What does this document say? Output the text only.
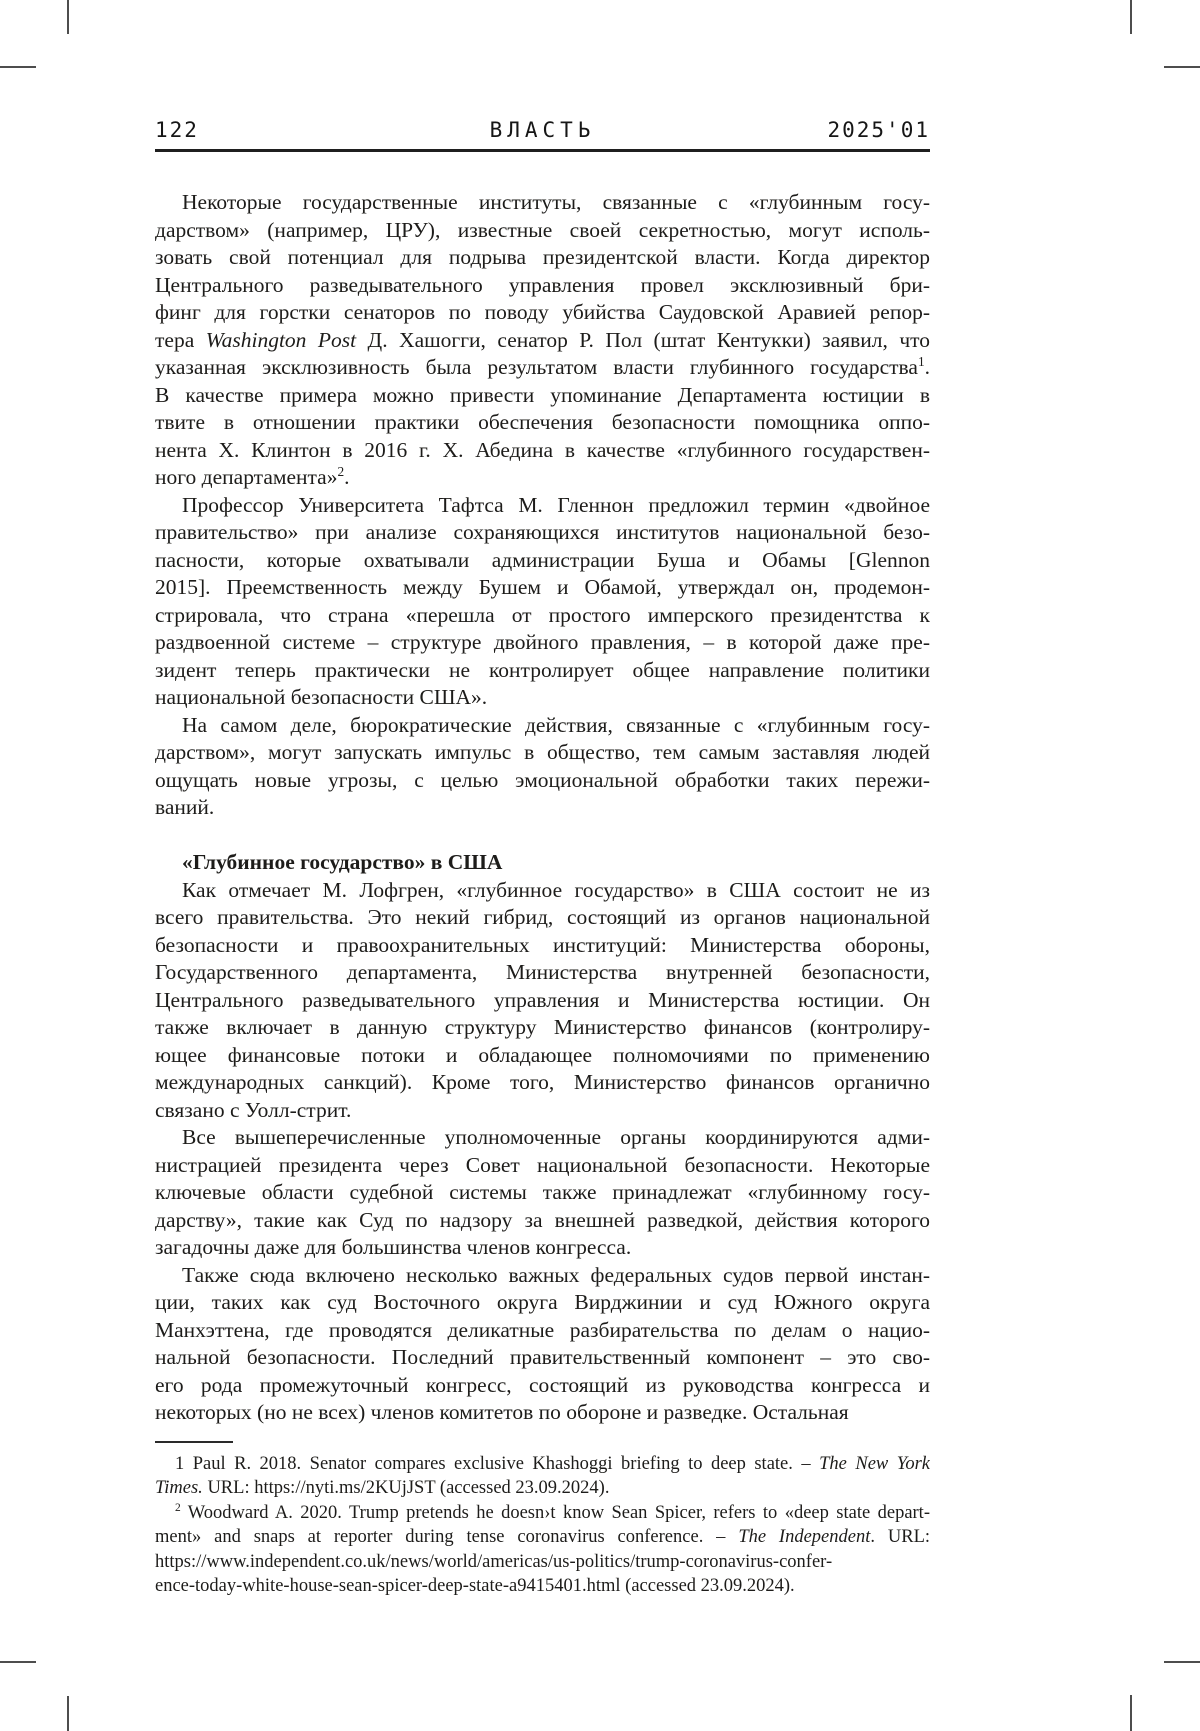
122	ВЛАСТЬ	2025'01
Некоторые государственные институты, связанные с «глубинным госу-
дарством» (например, ЦРУ), известные своей секретностью, могут исполь-
зовать свой потенциал для подрыва президентской власти. Когда директор
Центрального разведывательного управления провел эксклюзивный бри-
финг для горстки сенаторов по поводу убийства Саудовской Аравией репор-
тера Washington Post Д. Хашогги, сенатор Р. Пол (штат Кентукки) заявил, что
указанная эксклюзивность была результатом власти глубинного государства$^1$.
В качестве примера можно привести упоминание Департамента юстиции в
твите в отношении практики обеспечения безопасности помощника оппо-
нента Х. Клинтон в 2016 г. Х. Абедина в качестве «глубинного государствен-
ного департамента»$^2$.
Профессор Университета Тафтса М. Гленнон предложил термин «двойное
правительство» при анализе сохраняющихся институтов национальной безо-
пасности, которые охватывали администрации Буша и Обамы [Glennon
2015]. Преемственность между Бушем и Обамой, утверждал он, продемон-
стрировала, что страна «перешла от простого имперского президентства к
раздвоенной системе – структуре двойного правления, – в которой даже пре-
зидент теперь практически не контролирует общее направление политики
национальной безопасности США».
На самом деле, бюрократические действия, связанные с «глубинным госу-
дарством», могут запускать импульс в общество, тем самым заставляя людей
ощущать новые угрозы, с целью эмоциональной обработки таких пережи-
ваний.
«Глубинное государство» в США
Как отмечает М. Лофгрен, «глубинное государство» в США состоит не из
всего правительства. Это некий гибрид, состоящий из органов национальной
безопасности и правоохранительных институций: Министерства обороны,
Государственного департамента, Министерства внутренней безопасности,
Центрального разведывательного управления и Министерства юстиции. Он
также включает в данную структуру Министерство финансов (контролиру-
ющее финансовые потоки и обладающее полномочиями по применению
международных санкций). Кроме того, Министерство финансов органично
связано с Уолл-стрит.
Все вышеперечисленные уполномоченные органы координируются адми-
нистрацией президента через Совет национальной безопасности. Некоторые
ключевые области судебной системы также принадлежат «глубинному госу-
дарству», такие как Суд по надзору за внешней разведкой, действия которого
загадочны даже для большинства членов конгресса.
Также сюда включено несколько важных федеральных судов первой инстан-
ции, таких как суд Восточного округа Вирджинии и суд Южного округа
Манхэттена, где проводятся деликатные разбирательства по делам о нацио-
нальной безопасности. Последний правительственный компонент – это сво-
его рода промежуточный конгресс, состоящий из руководства конгресса и
некоторых (но не всех) членов комитетов по обороне и разведке. Остальная
1 Paul R. 2018. Senator compares exclusive Khashoggi briefing to deep state. – The New York
Times. URL: https://nyti.ms/2KUjJST (accessed 23.09.2024).
$^2$ Woodward A. 2020. Trump pretends he doesn›t know Sean Spicer, refers to «deep state depart-
ment» and snaps at reporter during tense coronavirus conference. – The Independent. URL:
https://www.independent.co.uk/news/world/americas/us-politics/trump-coronavirus-confer-
ence-today-white-house-sean-spicer-deep-state-a9415401.html (accessed 23.09.2024).
